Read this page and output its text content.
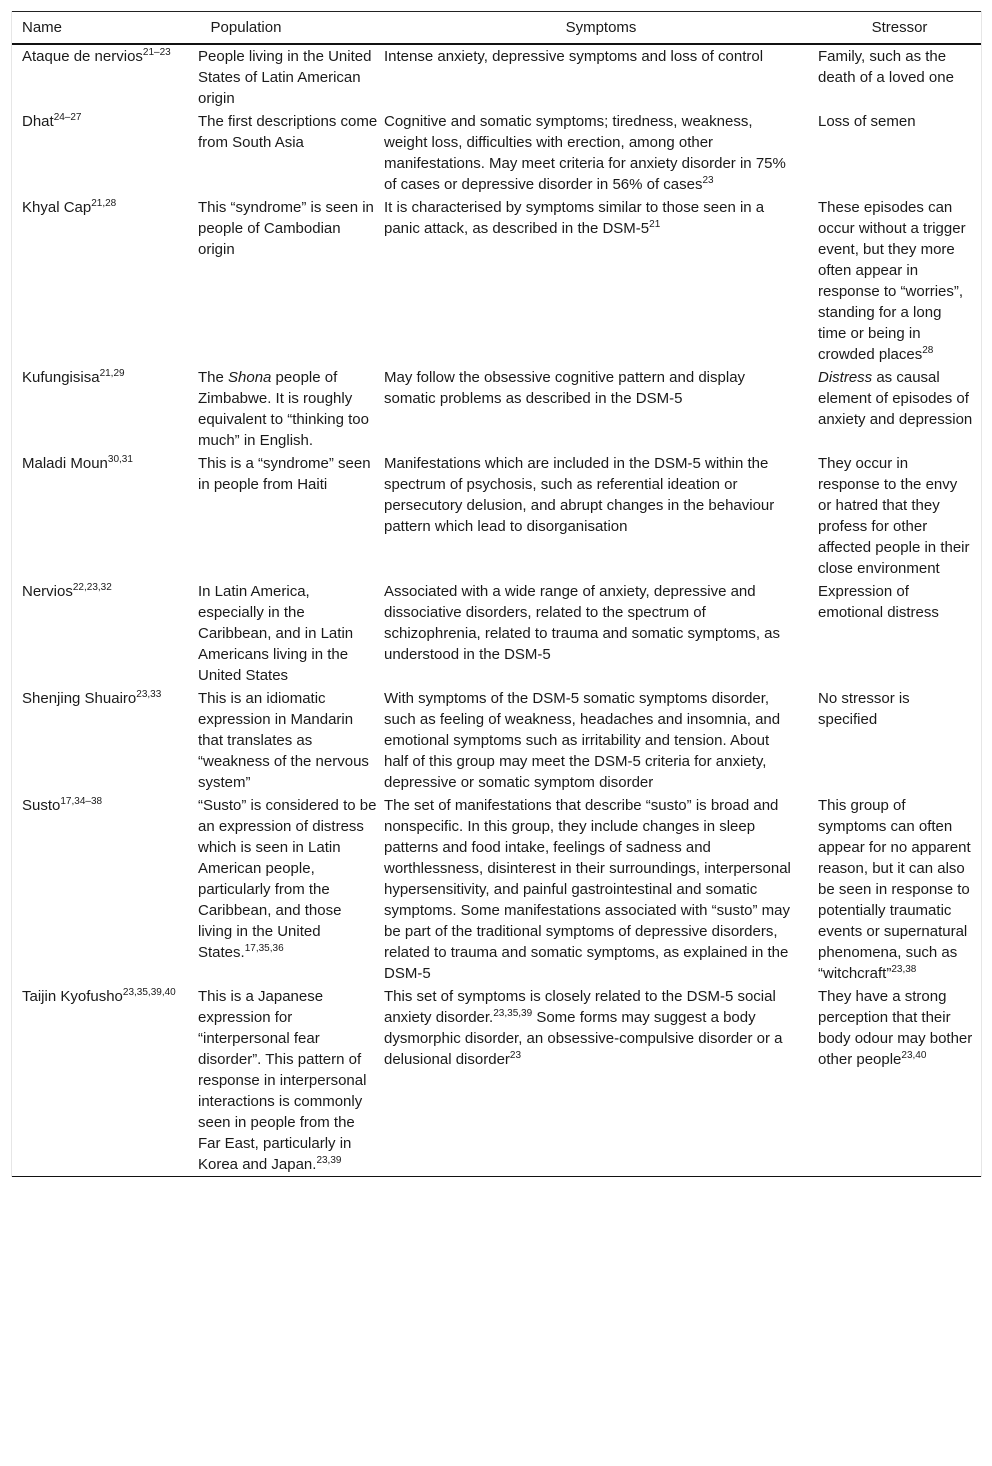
Name	Population	Symptoms	Stressor
Ataque de nervios$^{21-23}$	People living in the United States of Latin American origin	Intense anxiety, depressive symptoms and loss of control	Family, such as the death of a loved one
Dhat$^{24-27}$	The first descriptions come from South Asia	Cognitive and somatic symptoms; tiredness, weakness, weight loss, difficulties with erection, among other manifestations. May meet criteria for anxiety disorder in 75% of cases or depressive disorder in 56% of cases$^{23}$	Loss of semen
Khyal Cap$^{21,28}$	This “syndrome” is seen in people of Cambodian origin	It is characterised by symptoms similar to those seen in a panic attack, as described in the DSM-$5^{21}$	These episodes can occur without a trigger event, but they more often appear in response to “worries”, standing for a long time or being in crowded places$^{28}$
Kufungisisa$^{21,29}$	The Shona people of Zimbabwe. It is roughly equivalent to “thinking too much” in English.	May follow the obsessive cognitive pattern and display somatic problems as described in the DSM-5	Distress as causal element of episodes of anxiety and depression
Maladi Moun$^{30,31}$	This is a “syndrome” seen in people from Haiti	Manifestations which are included in the DSM-5 within the spectrum of psychosis, such as referential ideation or persecutory delusion, and abrupt changes in the behaviour pattern which lead to disorganisation	They occur in response to the envy or hatred that they profess for other affected people in their close environment
Nervios$^{22,23,32}$	In Latin America, especially in the Caribbean, and in Latin Americans living in the United States	Associated with a wide range of anxiety, depressive and dissociative disorders, related to the spectrum of schizophrenia, related to trauma and somatic symptoms, as understood in the DSM-5	Expression of emotional distress
Shenjing Shuairo$^{23,33}$	This is an idiomatic expression in Mandarin that translates as “weakness of the nervous system”	With symptoms of the DSM-5 somatic symptoms disorder, such as feeling of weakness, headaches and insomnia, and emotional symptoms such as irritability and tension. About half of this group may meet the DSM-5 criteria for anxiety, depressive or somatic symptom disorder	No stressor is specified
Susto$^{17,34-38}$	“Susto” is considered to be an expression of distress which is seen in Latin American people, particularly from the Caribbean, and those living in the United States.$^{17,35,36}$	The set of manifestations that describe “susto” is broad and nonspecific. In this group, they include changes in sleep patterns and food intake, feelings of sadness and worthlessness, disinterest in their surroundings, interpersonal hypersensitivity, and painful gastrointestinal and somatic symptoms. Some manifestations associated with “susto” may be part of the traditional symptoms of depressive disorders, related to trauma and somatic symptoms, as explained in the DSM-5	This group of symptoms can often appear for no apparent reason, but it can also be seen in response to potentially traumatic events or supernatural phenomena, such as “witchcraft”$^{23,38}$
Taijin Kyofusho$^{23,35,39,40}$	This is a Japanese expression for “interpersonal fear disorder”. This pattern of response in interpersonal interactions is commonly seen in people from the Far East, particularly in Korea and Japan.$^{23,39}$	This set of symptoms is closely related to the DSM-5 social anxiety disorder.$^{23,35,39}$ Some forms may suggest a body dysmorphic disorder, an obsessive-compulsive disorder or a delusional disorder$^{23}$	They have a strong perception that their body odour may bother other people$^{23,40}$
